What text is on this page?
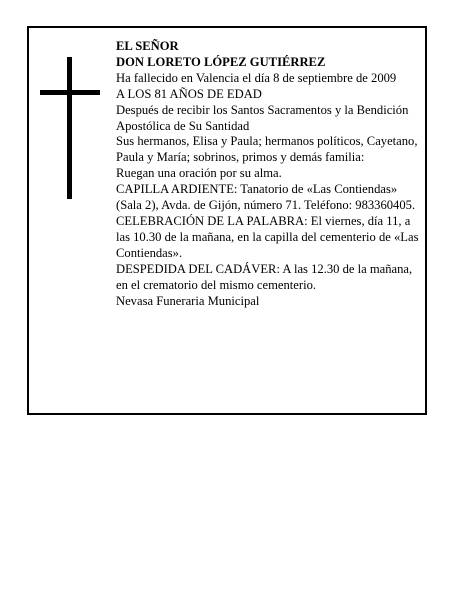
EL SEÑOR

DON LORETO LÓPEZ GUTIÉRREZ

Ha fallecido en Valencia el día 8 de septiembre de 2009

A LOS 81 AÑOS DE EDAD

Después de recibir los Santos Sacramentos y la Bendición Apostólica de Su Santidad

Sus hermanos, Elisa y Paula; hermanos políticos, Cayetano, Paula y María; sobrinos, primos y demás familia:

Ruegan una oración por su alma.

CAPILLA ARDIENTE: Tanatorio de «Las Contiendas» (Sala 2), Avda. de Gijón, número 71. Teléfono: 983360405.

CELEBRACIÓN DE LA PALABRA: El viernes, día 11, a las 10.30 de la mañana, en la capilla del cementerio de «Las Contiendas».

DESPEDIDA DEL CADÁVER: A las 12.30 de la mañana, en el crematorio del mismo cementerio.

Nevasa Funeraria Municipal
